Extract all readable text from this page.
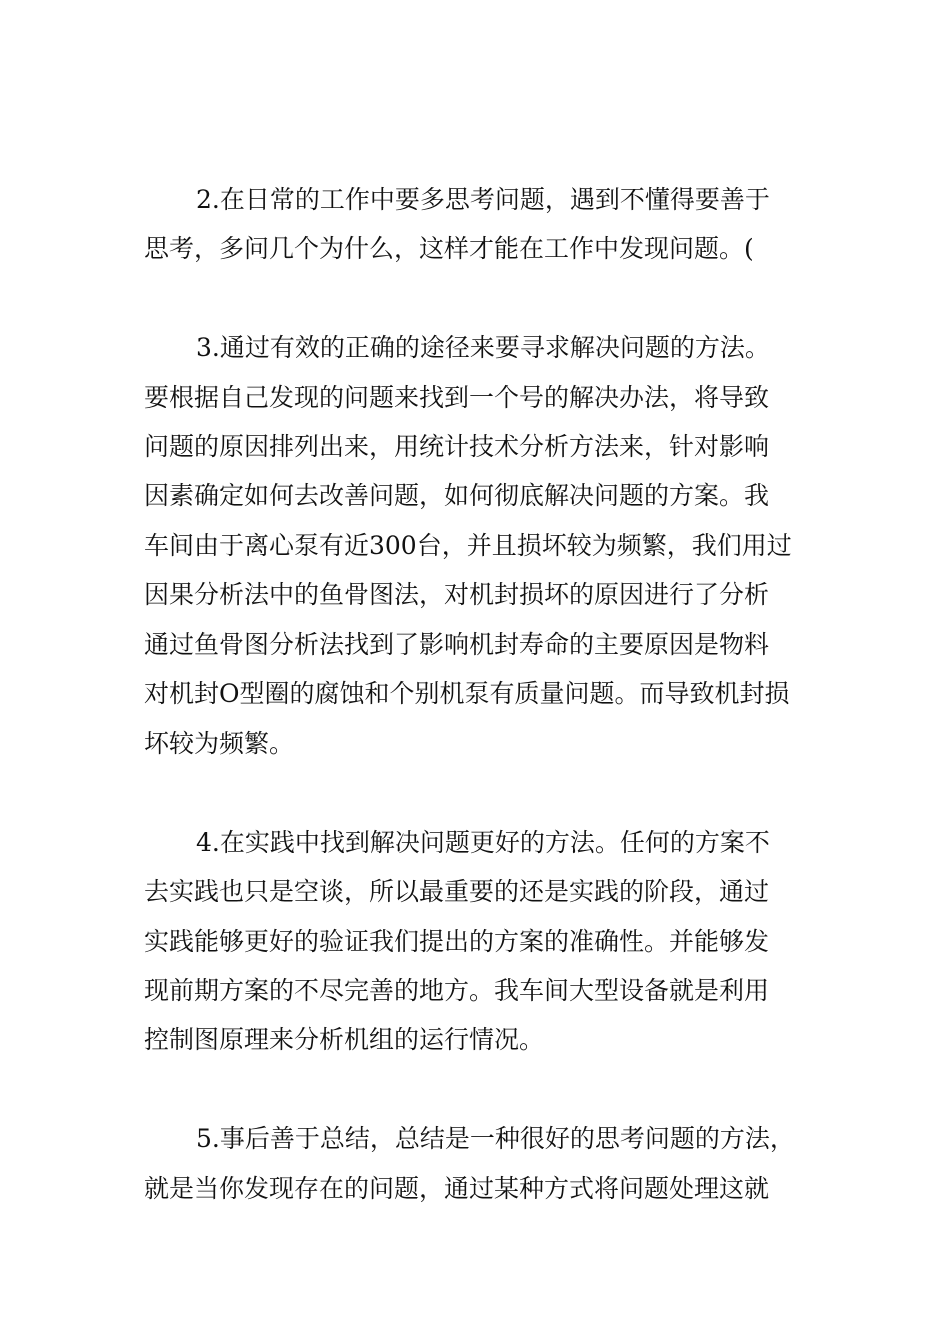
2.在日常的工作中要多思考问题，遇到不懂得要善于
思考，多问几个为什么，这样才能在工作中发现问题。(
3.通过有效的正确的途径来要寻求解决问题的方法。
要根据自己发现的问题来找到一个号的解决办法，将导致
问题的原因排列出来，用统计技术分析方法来，针对影响
因素确定如何去改善问题，如何彻底解决问题的方案。我
车间由于离心泵有近300台，并且损坏较为频繁，我们用过
因果分析法中的鱼骨图法，对机封损坏的原因进行了分析
通过鱼骨图分析法找到了影响机封寿命的主要原因是物料
对机封O型圈的腐蚀和个别机泵有质量问题。而导致机封损
坏较为频繁。
4.在实践中找到解决问题更好的方法。任何的方案不
去实践也只是空谈，所以最重要的还是实践的阶段，通过
实践能够更好的验证我们提出的方案的准确性。并能够发
现前期方案的不尽完善的地方。我车间大型设备就是利用
控制图原理来分析机组的运行情况。
5.事后善于总结，总结是一种很好的思考问题的方法，
就是当你发现存在的问题，通过某种方式将问题处理这就
